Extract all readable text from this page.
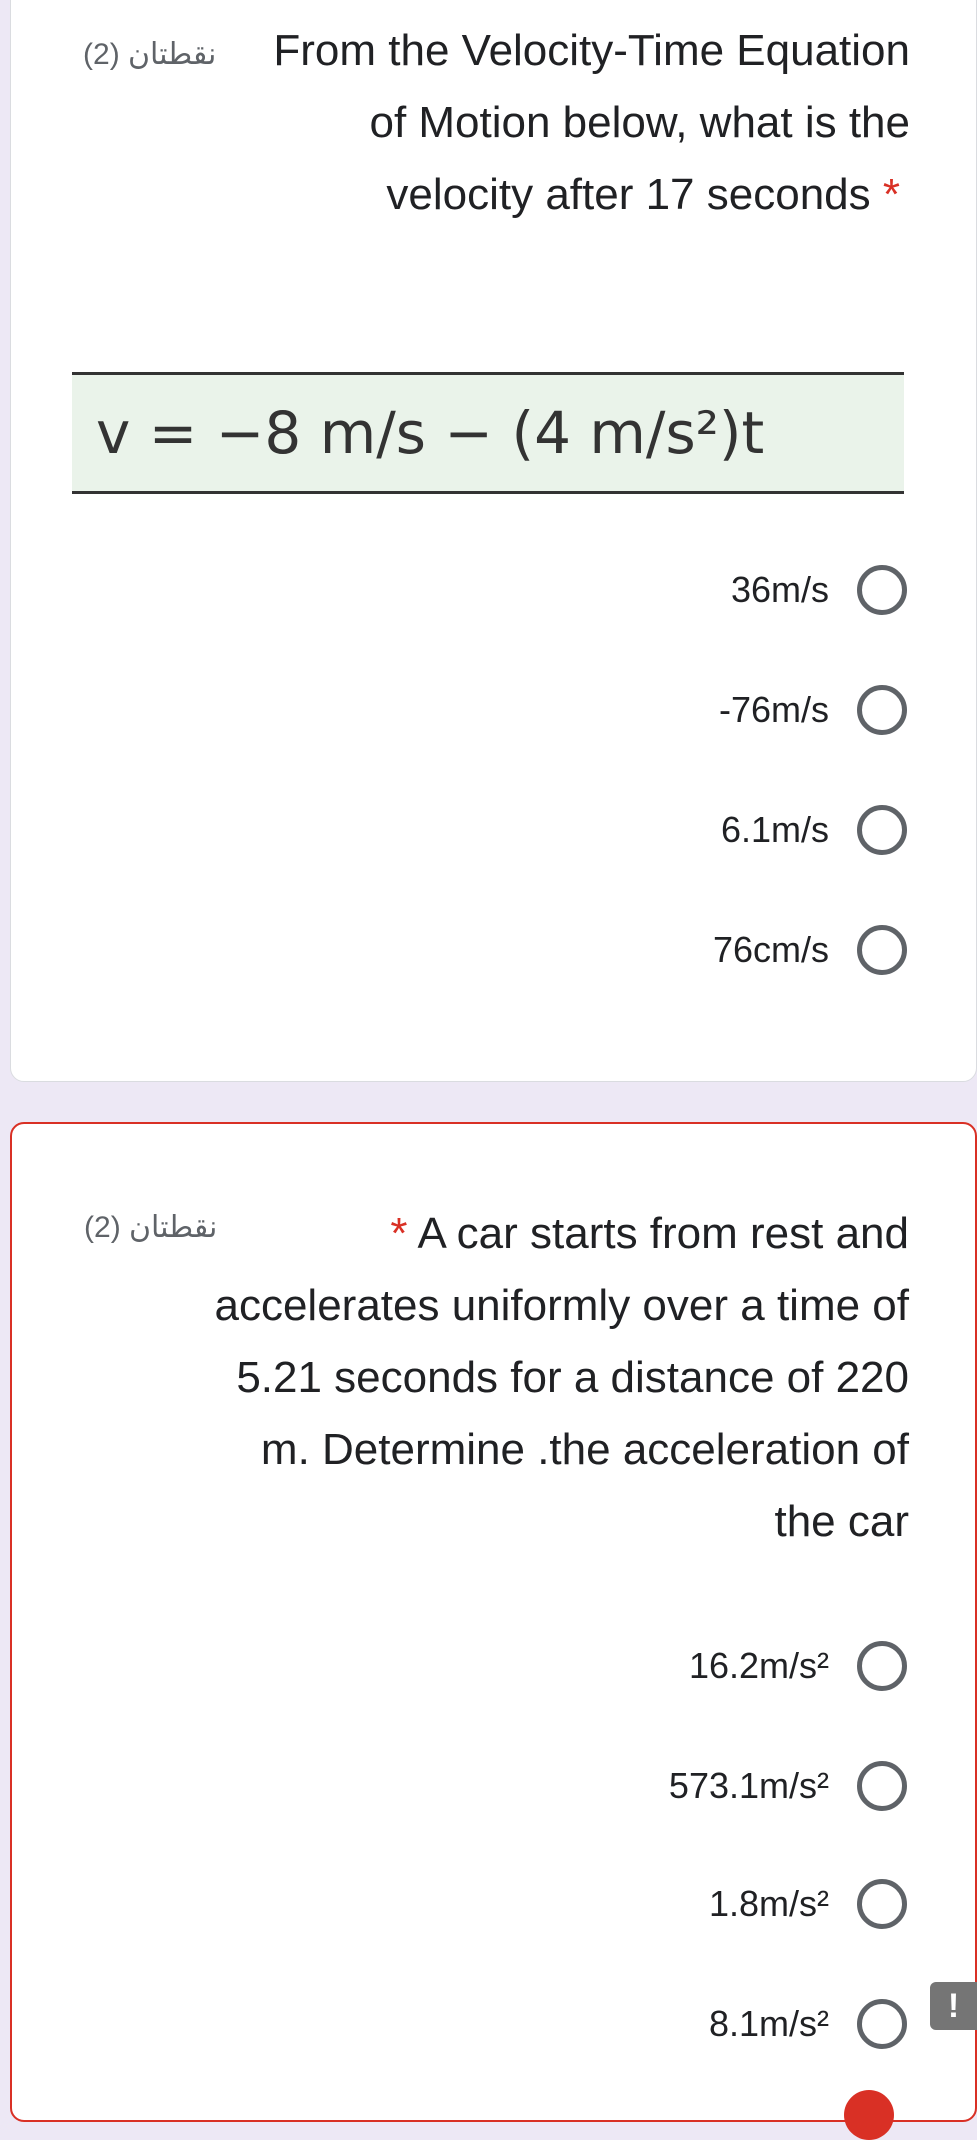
نقطتان (2) From the Velocity-Time Equation of Motion below, what is the velocity after 17 seconds *
v = −8 m/s − (4 m/s²)t
36m/s
-76m/s
6.1m/s
76cm/s
نقطتان (2)	* A car starts from rest and accelerates uniformly over a time of 5.21 seconds for a distance of 220 m. Determine .the acceleration of the car
16.2m/s²
573.1m/s²
1.8m/s²
8.1m/s²	!
